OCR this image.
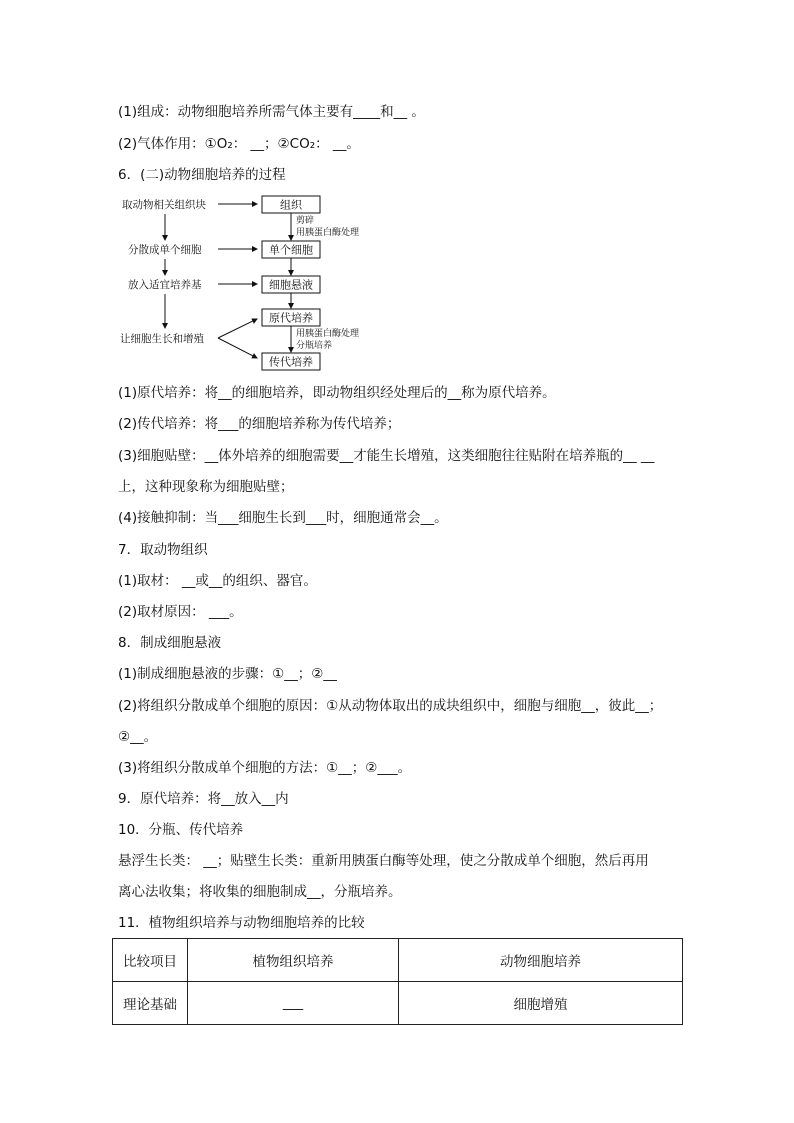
(1)组成：动物细胞培养所需气体主要有____和__ 。
(2)气体作用：①O₂： __；②CO₂： __。
6．(二)动物细胞培养的过程
取动物相关组织块
分散成单个细胞
放入适宜培养基
让细胞生长和增殖
组织
单个细胞
细胞悬液
原代培养
传代培养
剪碎
用胰蛋白酶处理
用胰蛋白酶处理
分瓶培养
(1)原代培养：将__的细胞培养，即动物组织经处理后的__称为原代培养。
(2)传代培养：将___的细胞培养称为传代培养；
(3)细胞贴壁：__体外培养的细胞需要__才能生长增殖，这类细胞往往贴附在培养瓶的__ __
上，这种现象称为细胞贴壁；
(4)接触抑制：当___细胞生长到___时，细胞通常会__。
7．取动物组织
(1)取材： __或__的组织、器官。
(2)取材原因： ___。
8．制成细胞悬液
(1)制成细胞悬液的步骤：①__；②__
(2)将组织分散成单个细胞的原因：①从动物体取出的成块组织中，细胞与细胞__，彼此__；
②__。
(3)将组织分散成单个细胞的方法：①__；②___。
9．原代培养：将__放入__内
10．分瓶、传代培养
悬浮生长类： __；贴壁生长类：重新用胰蛋白酶等处理，使之分散成单个细胞，然后再用
离心法收集；将收集的细胞制成__，分瓶培养。
11．植物组织培养与动物细胞培养的比较
比较项目	植物组织培养	动物细胞培养
理论基础	___	细胞增殖
